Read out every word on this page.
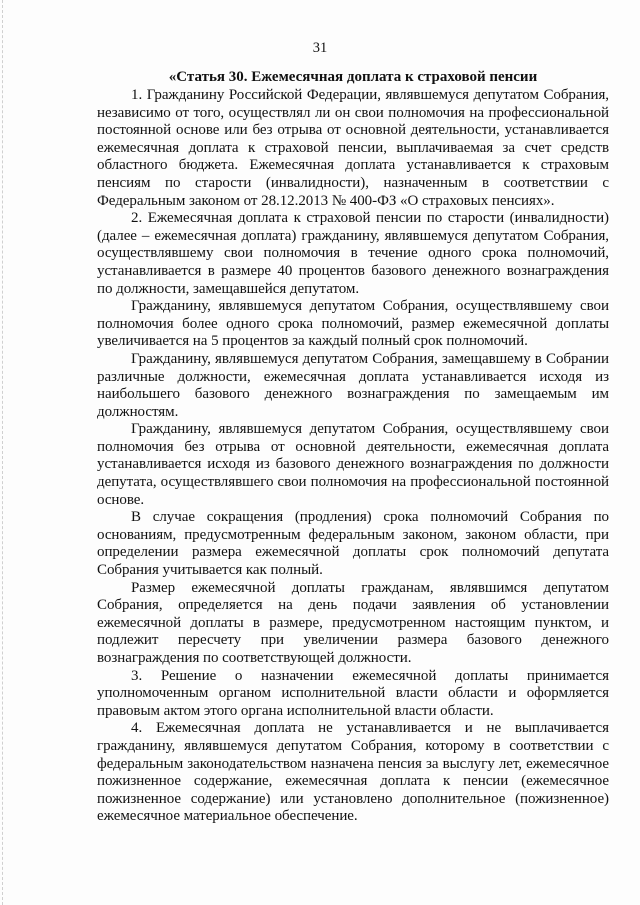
31

«Статья 30. Ежемесячная доплата к страховой пенсии

1. Гражданину Российской Федерации, являвшемуся депутатом Собрания, независимо от того, осуществлял ли он свои полномочия на профессиональной постоянной основе или без отрыва от основной деятельности, устанавливается ежемесячная доплата к страховой пенсии, выплачиваемая за счет средств областного бюджета. Ежемесячная доплата устанавливается к страховым пенсиям по старости (инвалидности), назначенным в соответствии с Федеральным законом от 28.12.2013 № 400-ФЗ «О страховых пенсиях».

2. Ежемесячная доплата к страховой пенсии по старости (инвалидности) (далее – ежемесячная доплата) гражданину, являвшемуся депутатом Собрания, осуществлявшему свои полномочия в течение одного срока полномочий, устанавливается в размере 40 процентов базового денежного вознаграждения по должности, замещавшейся депутатом.

Гражданину, являвшемуся депутатом Собрания, осуществлявшему свои полномочия более одного срока полномочий, размер ежемесячной доплаты увеличивается на 5 процентов за каждый полный срок полномочий.

Гражданину, являвшемуся депутатом Собрания, замещавшему в Собрании различные должности, ежемесячная доплата устанавливается исходя из наибольшего базового денежного вознаграждения по замещаемым им должностям.

Гражданину, являвшемуся депутатом Собрания, осуществлявшему свои полномочия без отрыва от основной деятельности, ежемесячная доплата устанавливается исходя из базового денежного вознаграждения по должности депутата, осуществлявшего свои полномочия на профессиональной постоянной основе.

В случае сокращения (продления) срока полномочий Собрания по основаниям, предусмотренным федеральным законом, законом области, при определении размера ежемесячной доплаты срок полномочий депутата Собрания учитывается как полный.

Размер ежемесячной доплаты гражданам, являвшимся депутатом Собрания, определяется на день подачи заявления об установлении ежемесячной доплаты в размере, предусмотренном настоящим пунктом, и подлежит пересчету при увеличении размера базового денежного вознаграждения по соответствующей должности.

3. Решение о назначении ежемесячной доплаты принимается уполномоченным органом исполнительной власти области и оформляется правовым актом этого органа исполнительной власти области.

4. Ежемесячная доплата не устанавливается и не выплачивается гражданину, являвшемуся депутатом Собрания, которому в соответствии с федеральным законодательством назначена пенсия за выслугу лет, ежемесячное пожизненное содержание, ежемесячная доплата к пенсии (ежемесячное пожизненное содержание) или установлено дополнительное (пожизненное) ежемесячное материальное обеспечение.
